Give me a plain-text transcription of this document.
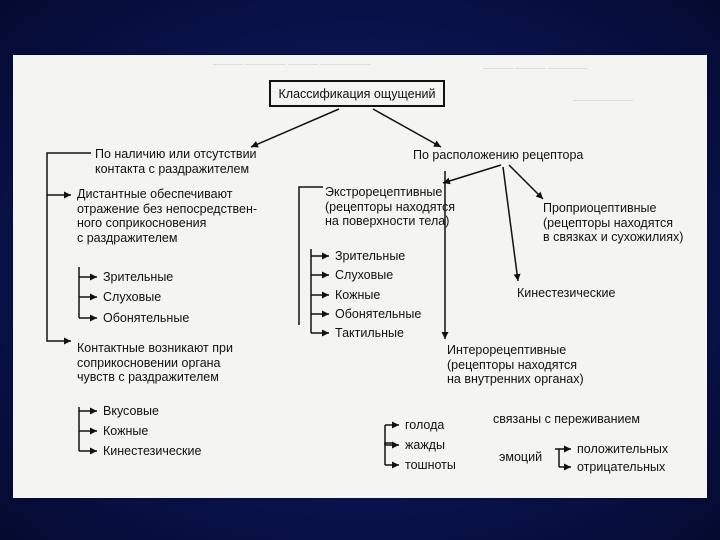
——— ———— ——— —————	——— ——— ————
——————
Классификация ощущений
По наличию или отсутствии
контакта с раздражителем
Дистантные обеспечивают
отражение без непосредствен-
ного соприкосновения
с раздражителем
Зрительные
Слуховые
Обонятельные
Контактные возникают при
соприкосновении органа
чувств с раздражителем
Вкусовые
Кожные
Кинестезические
По расположению рецептора
Экстрорецептивные
(рецепторы находятся
на поверхности тела)
Зрительные
Слуховые
Кожные
Обонятельные
Тактильные
Проприоцептивные
(рецепторы находятся
в связках и сухожилиях)
Кинестезические
Интерорецептивные
(рецепторы находятся
на внутренних органах)
голода
жажды
тошноты
связаны с переживанием
эмоций
положительных
отрицательных
